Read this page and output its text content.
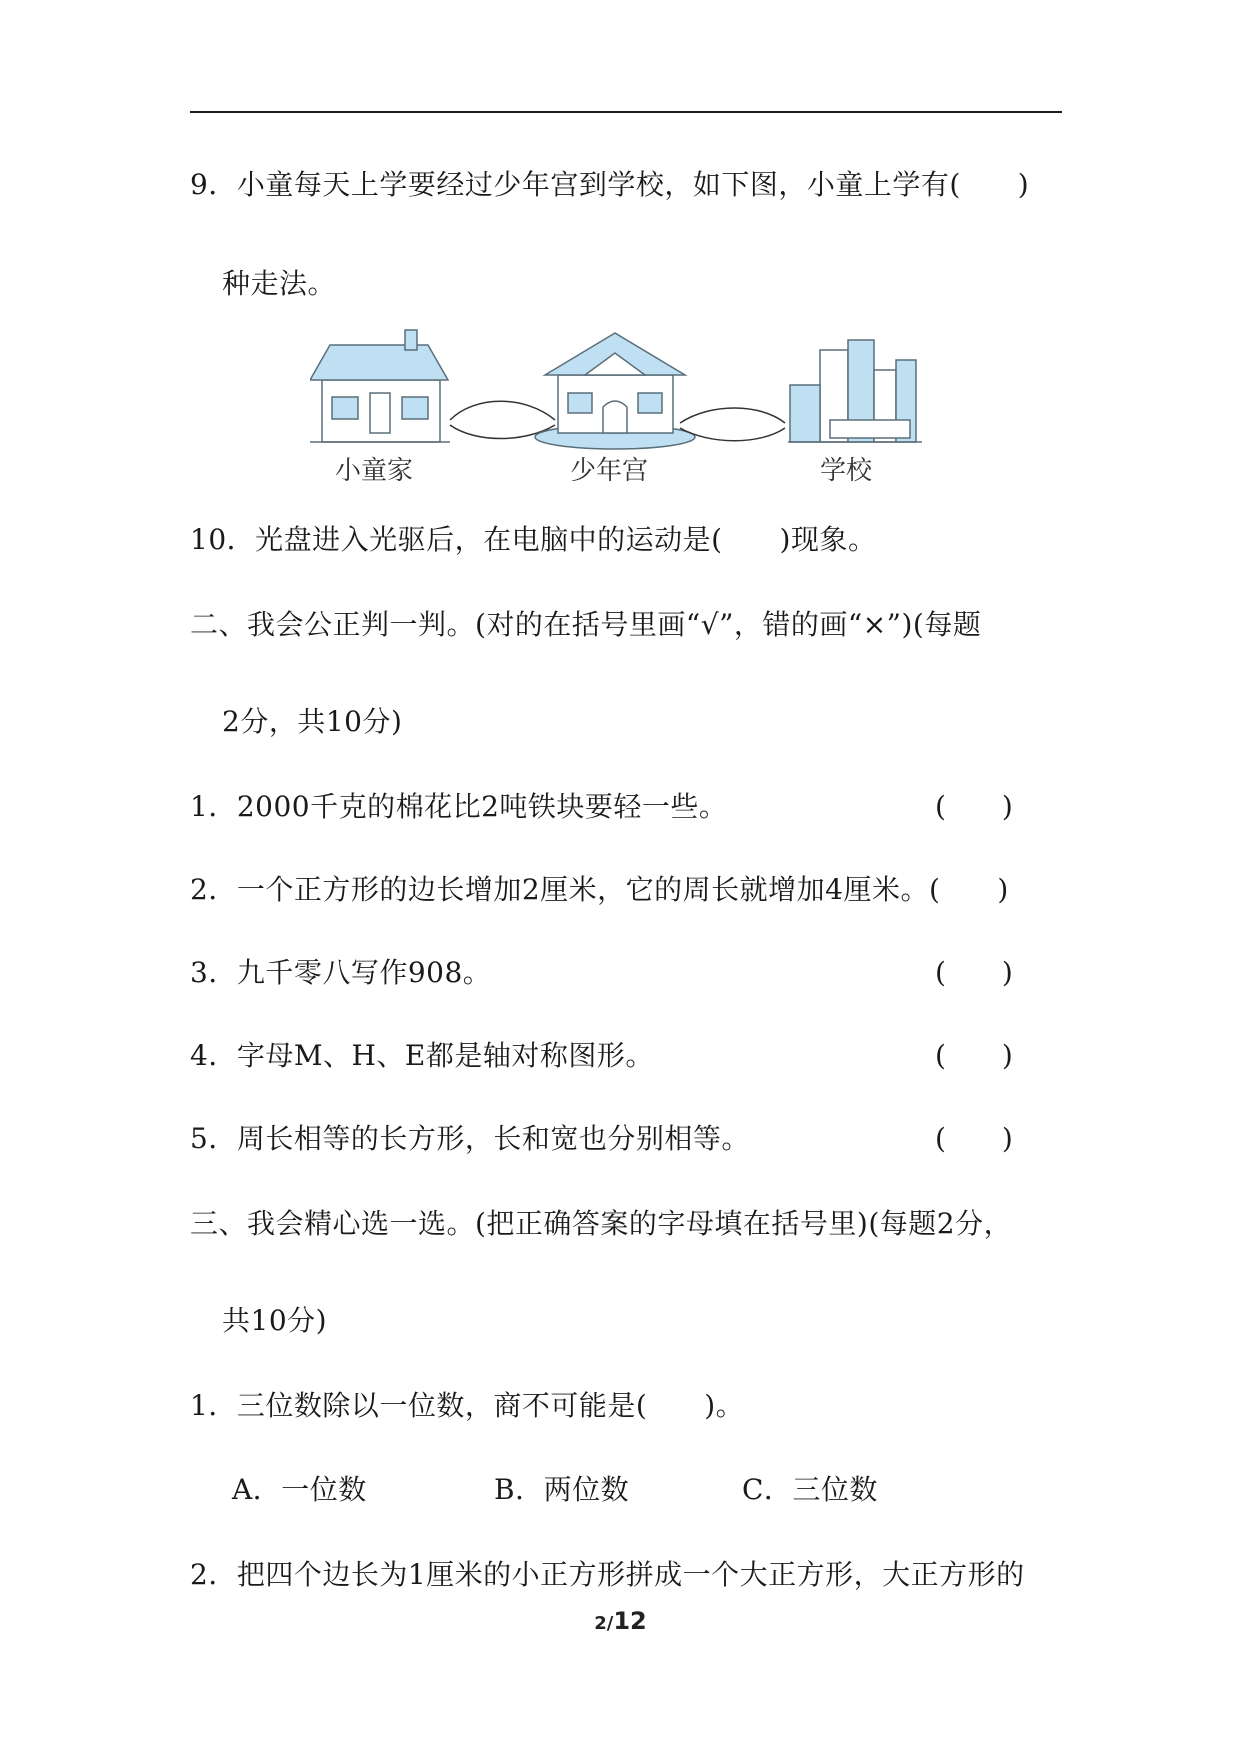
9．小童每天上学要经过少年宫到学校，如下图，小童上学有(　　)
种走法。
小童家	少年宫	学校
10．光盘进入光驱后，在电脑中的运动是(　　)现象。
二、我会公正判一判。(对的在括号里画“√”，错的画“×”)(每题
2分，共10分)
1．2000千克的棉花比2吨铁块要轻一些。	(　　)
2．一个正方形的边长增加2厘米，它的周长就增加4厘米。(　　)
3．九千零八写作908。	(　　)
4．字母M、H、E都是轴对称图形。	(　　)
5．周长相等的长方形，长和宽也分别相等。	(　　)
三、我会精心选一选。(把正确答案的字母填在括号里)(每题2分，
共10分)
1．三位数除以一位数，商不可能是(　　)。
A．一位数	B．两位数	C．三位数
2．把四个边长为1厘米的小正方形拼成一个大正方形，大正方形的
2/12
